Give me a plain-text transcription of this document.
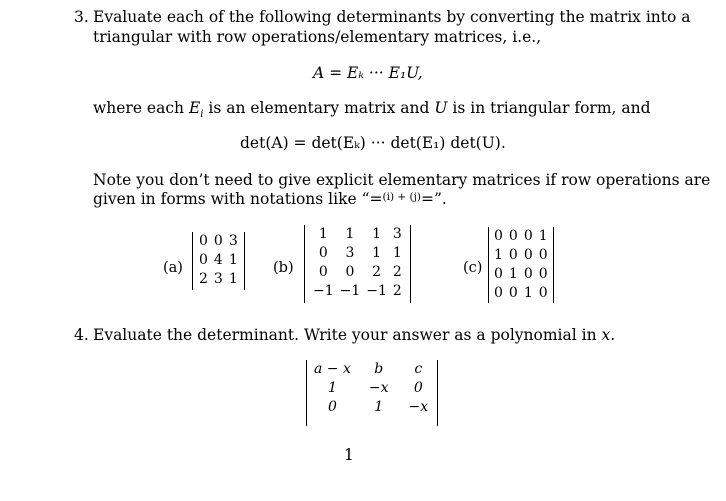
3. Evaluate each of the following determinants by converting the matrix into a
triangular with row operations/elementary matrices, i.e.,
A = Eₖ ··· E₁U,
where each $E_i$ is an elementary matrix and U is in triangular form, and
det(A) = det(Eₖ) ··· det(E₁) det(U).
Note you don’t need to give explicit elementary matrices if row operations are
given in forms with notations like “=$^{(i) + (j)}$=”.
(a)
0	0	3
0	4	1
2	3	1
(b)
1	1	1	3
0	3	1	1
0	0	2	2
−1	−1	−1	2
(c)
0	0	0	1
1	0	0	0
0	1	0	0
0	0	1	0
4. Evaluate the determinant. Write your answer as a polynomial in x.
a − x	b	c
1	−x	0
0	1	−x
1
